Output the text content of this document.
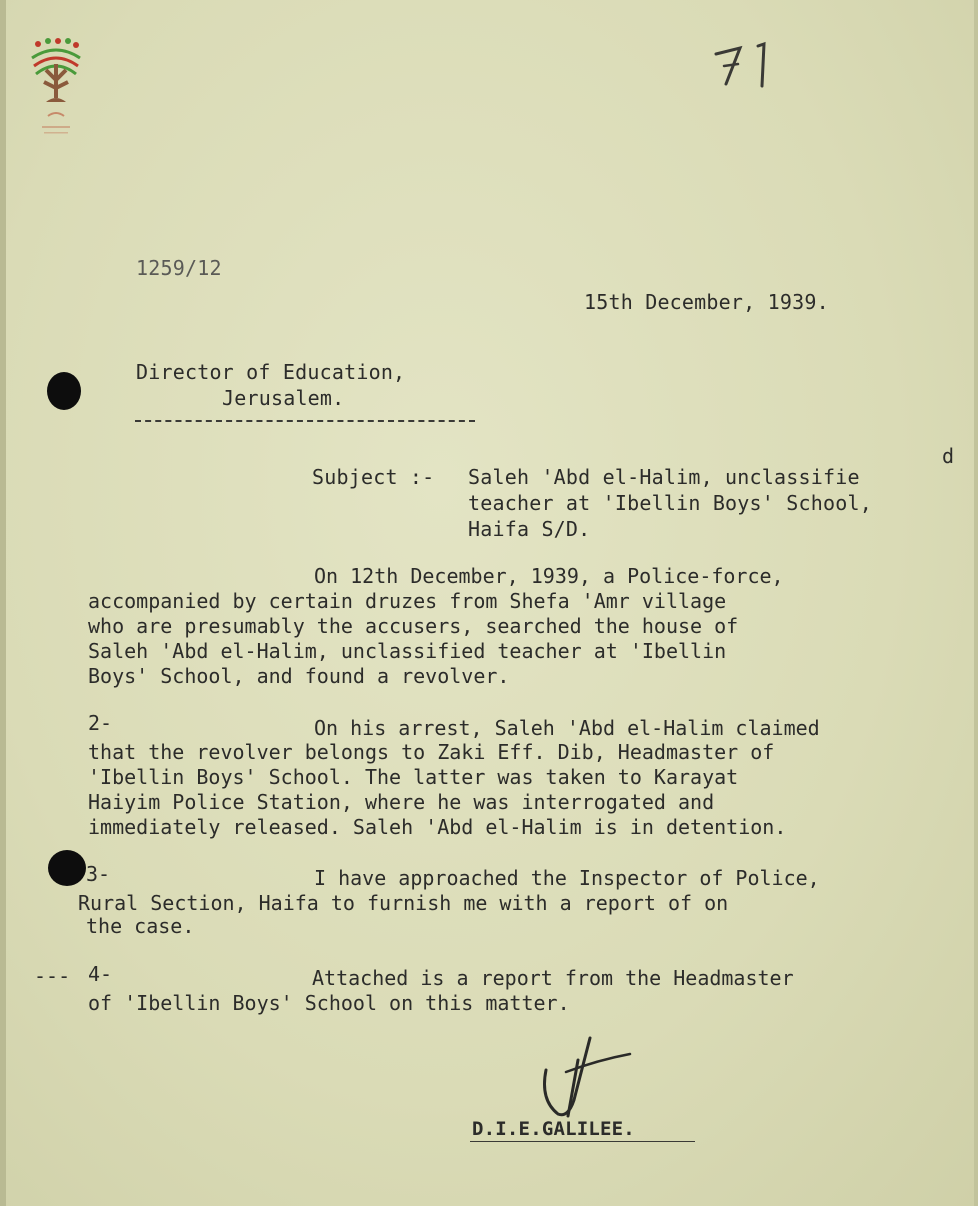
1259/12
15th December, 1939.
Director of Education,
Jerusalem.
d
Subject :- Saleh 'Abd el-Halim, unclassifie
teacher at 'Ibellin Boys' School,
Haifa S/D.
On 12th December, 1939, a Police-force,
accompanied by certain druzes from Shefa 'Amr village
who are presumably the accusers, searched the house of
Saleh 'Abd el-Halim, unclassified teacher at 'Ibellin
Boys' School, and found a revolver.
2-	On his arrest, Saleh 'Abd el-Halim claimed
that the revolver belongs to Zaki Eff. Dib, Headmaster of
'Ibellin Boys' School. The latter was taken to Karayat
Haiyim Police Station, where he was interrogated and
immediately released. Saleh 'Abd el-Halim is in detention.
3-	I have approached the Inspector of Police,
Rural Section, Haifa to furnish me with a report of on
the case.
--- 4-	Attached is a report from the Headmaster
of 'Ibellin Boys' School on this matter.
D.I.E.GALILEE.
